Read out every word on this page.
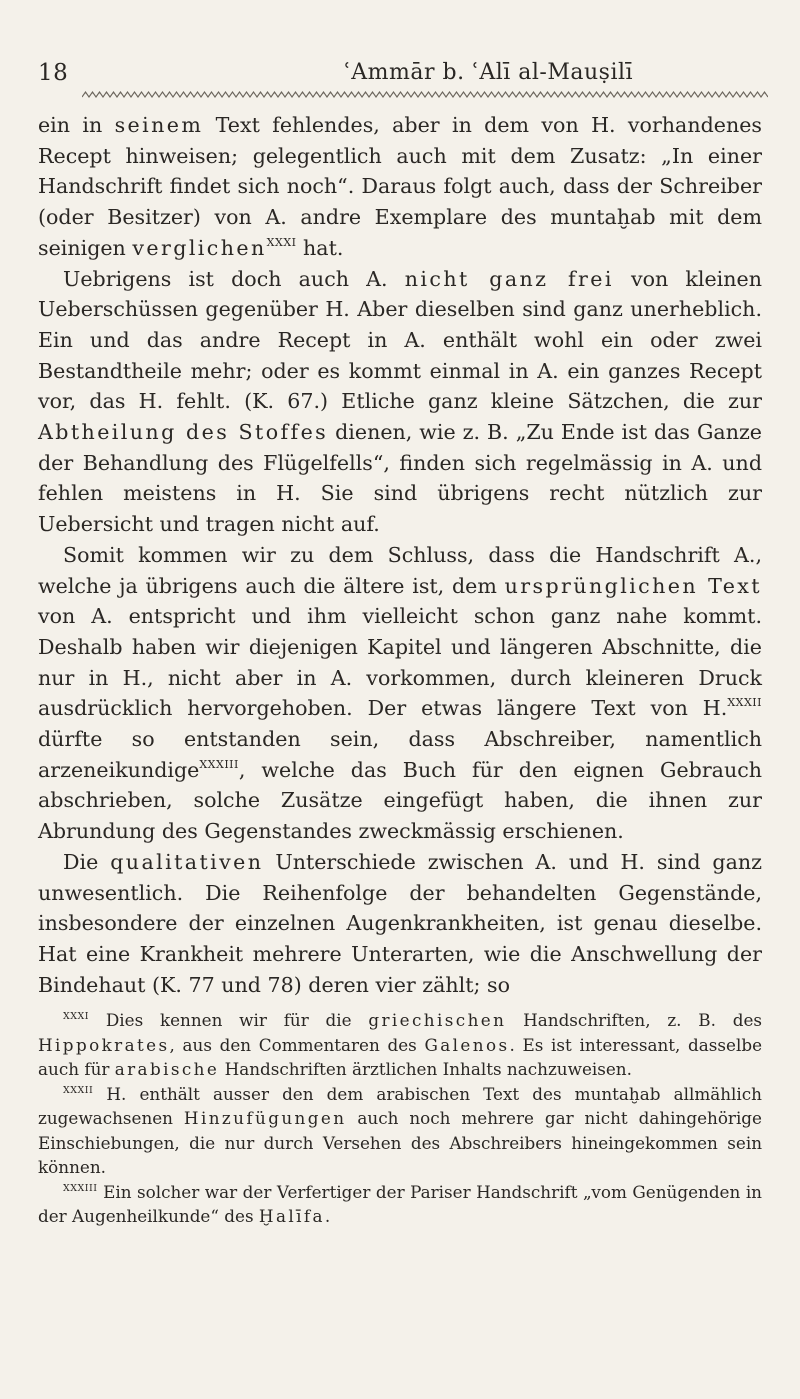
18	ʿAmmār b. ʿAlī al-Mauṣilī

ein in seinem Text fehlendes, aber in dem von H. vorhandenes Recept hinweisen; gelegentlich auch mit dem Zusatz: „In einer Handschrift findet sich noch“. Daraus folgt auch, dass der Schreiber (oder Besitzer) von A. andre Exemplare des muntaḫab mit dem seinigen verglichen$^{XXXI}$ hat.

Uebrigens ist doch auch A. nicht ganz frei von kleinen Ueberschüssen gegenüber H. Aber dieselben sind ganz unerheblich. Ein und das andre Recept in A. enthält wohl ein oder zwei Bestandtheile mehr; oder es kommt einmal in A. ein ganzes Recept vor, das H. fehlt. (K. 67.) Etliche ganz kleine Sätzchen, die zur Abtheilung des Stoffes dienen, wie z. B. „Zu Ende ist das Ganze der Behandlung des Flügelfells“, finden sich regelmässig in A. und fehlen meistens in H. Sie sind übrigens recht nützlich zur Uebersicht und tragen nicht auf.

Somit kommen wir zu dem Schluss, dass die Handschrift A., welche ja übrigens auch die ältere ist, dem ursprünglichen Text von A. entspricht und ihm vielleicht schon ganz nahe kommt. Deshalb haben wir diejenigen Kapitel und längeren Abschnitte, die nur in H., nicht aber in A. vorkommen, durch kleineren Druck ausdrücklich hervorgehoben. Der etwas längere Text von H.$^{XXXII}$ dürfte so entstanden sein, dass Abschreiber, namentlich arzeneikundige$^{XXXIII}$, welche das Buch für den eignen Gebrauch abschrieben, solche Zusätze eingefügt haben, die ihnen zur Abrundung des Gegenstandes zweckmässig erschienen.

Die qualitativen Unterschiede zwischen A. und H. sind ganz unwesentlich. Die Reihenfolge der behandelten Gegenstände, insbesondere der einzelnen Augenkrankheiten, ist genau dieselbe. Hat eine Krankheit mehrere Unterarten, wie die Anschwellung der Bindehaut (K. 77 und 78) deren vier zählt; so

$^{XXXI}$ Dies kennen wir für die griechischen Handschriften, z. B. des Hippokrates, aus den Commentaren des Galenos. Es ist interessant, dasselbe auch für arabische Handschriften ärztlichen Inhalts nachzuweisen.

$^{XXXII}$ H. enthält ausser den dem arabischen Text des muntaḫab allmählich zugewachsenen Hinzufügungen auch noch mehrere gar nicht dahingehörige Einschiebungen, die nur durch Versehen des Abschreibers hineingekommen sein können.

$^{XXXIII}$ Ein solcher war der Verfertiger der Pariser Handschrift „vom Genügenden in der Augenheilkunde“ des Ḫalīfa.
